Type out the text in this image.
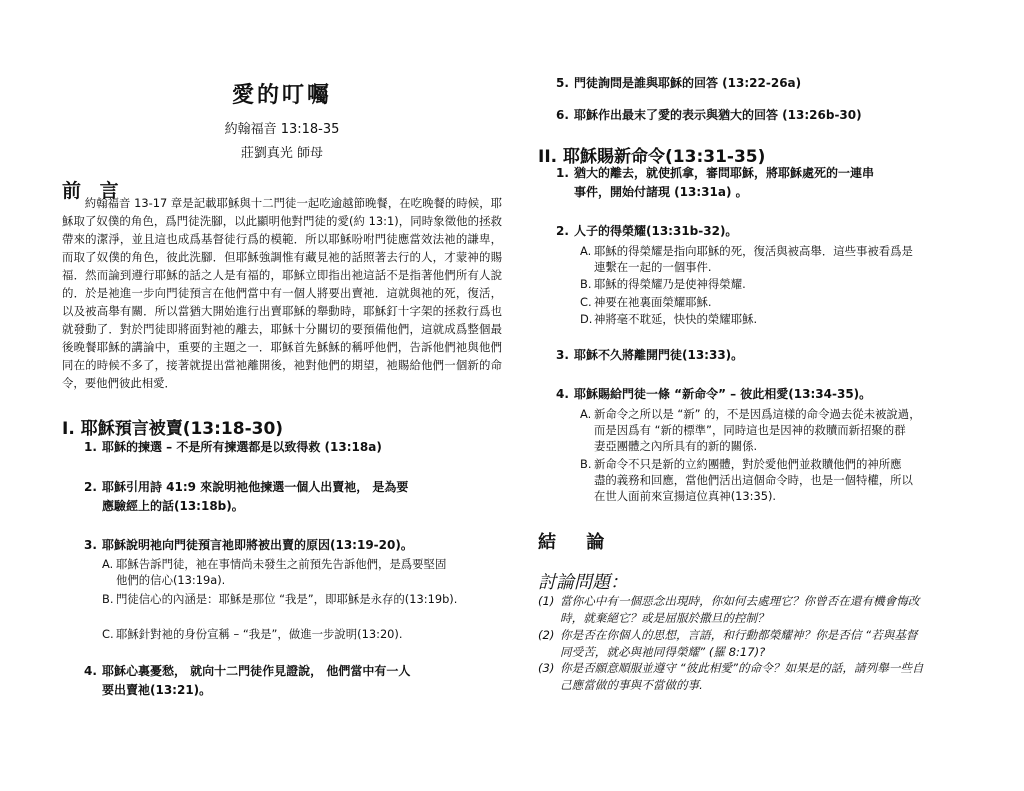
愛的叮囑
約翰福音 13:18-35
莊劉真光 師母
前 言

約翰福音 13-17 章是記載耶穌與十二門徒一起吃逾越節晚餐，在吃晚餐的時候，耶穌取了奴僕的角色，爲門徒洗腳，以此顯明他對門徒的愛(約 13:1)，同時象徵他的拯救帶來的潔淨，並且這也成爲基督徒行爲的模範．所以耶穌吩咐門徒應當效法祂的謙卑，而取了奴僕的角色，彼此洗腳．但耶穌強調惟有藏見祂的話照著去行的人，才蒙神的賜福．然而論到遵行耶穌的話之人是有福的，耶穌立即指出祂這話不是指著他們所有人說的．於是祂進一步向門徒預言在他們當中有一個人將要出賣祂．這就與祂的死，復活，以及被高舉有關．所以當猶大開始進行出賣耶穌的舉動時，耶穌釘十字架的拯救行爲也就發動了．對於門徒即將面對祂的離去，耶穌十分關切的要預備他們，這就成爲整個最後晚餐耶穌的講論中，重要的主題之一．耶穌首先穌穌的稱呼他們，告訴他們祂與他們同在的時候不多了，接著就提出當祂離開後，祂對他們的期望，祂賜給他們一個新的命令，要他們彼此相愛．

I. 耶穌預言被賣(13:18-30)
1. 耶穌的揀選 – 不是所有揀選都是以致得救 (13:18a)
2. 耶穌引用詩 41:9 來說明祂他揀選一個人出賣祂， 是為要
應驗經上的話(13:18b)。
3. 耶穌說明祂向門徒預言祂即將被出賣的原因(13:19-20)。
A. 耶穌告訴門徒，祂在事情尚未發生之前預先告訴他們，是爲要堅固
他們的信心(13:19a).
B. 門徒信心的內涵是：耶穌是那位 “我是”，即耶穌是永存的(13:19b).
C. 耶穌針對祂的身份宣稱 – “我是”，做進一步說明(13:20).
4. 耶穌心裏憂愁， 就向十二門徒作見證說， 他們當中有一人
要出賣祂(13:21)。
5. 門徒詢問是誰與耶穌的回答 (13:22-26a)
6. 耶穌作出最末了愛的表示與猶大的回答 (13:26b-30)
II. 耶穌賜新命令(13:31-35)
1. 猶大的離去，就使抓拿，審問耶穌，將耶穌處死的一連串
事件，開始付諸現 (13:31a) 。
2. 人子的得榮耀(13:31b-32)。
A. 耶穌的得榮耀是指向耶穌的死，復活與被高舉．這些事被看爲是
連繫在一起的一個事件.
B. 耶穌的得榮耀乃是使神得榮耀.
C. 神要在祂裏面榮耀耶穌.
D. 神將毫不耽延，快快的榮耀耶穌.
3. 耶穌不久將離開門徒(13:33)。
4. 耶穌賜給門徒一條 “新命令” – 彼此相愛(13:34-35)。
A. 新命令之所以是 “新” 的，不是因爲這樣的命令過去從未被說過，
而是因爲有 “新的標準”，同時這也是因神的救贖而新招聚的群
妻亞團體之內所具有的新的關係.
B. 新命令不只是新的立約團體，對於愛他們並救贖他們的神所應
盡的義務和回應，當他們活出這個命令時，也是一個特權，所以
在世人面前來宣揚這位真神(13:35).
結 論
討論問題：
(1) 當你心中有一個惡念出現時，你如何去處理它？你曾否在還有機會悔改
時，就棄絕它？或是屈服於撒旦的控制？
(2) 你是否在你個人的思想，言語，和行動都榮耀神？你是否信 “若與基督
同受苦，就必與祂同得榮耀” (羅 8:17)?
(3) 你是否願意順服並遵守 “彼此相愛”的命令？如果是的話，請列舉一些自
己應當做的事與不當做的事.
